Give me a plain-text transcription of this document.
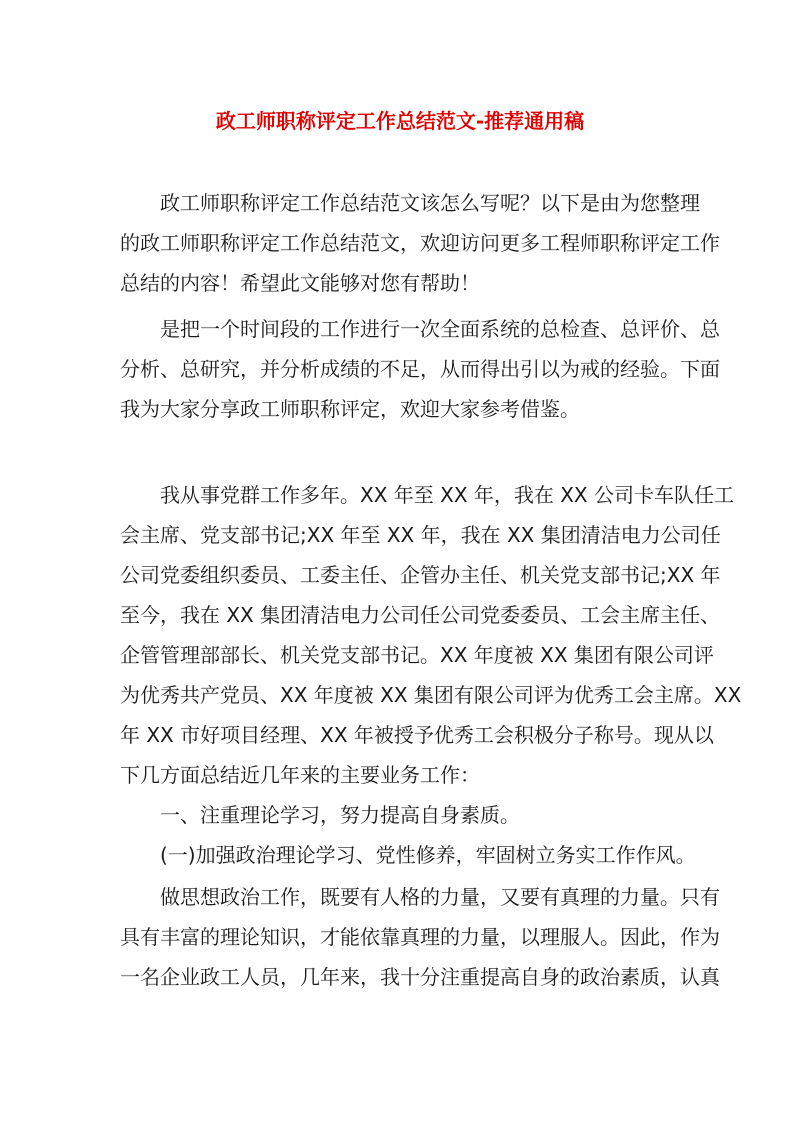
政工师职称评定工作总结范文-推荐通用稿
政工师职称评定工作总结范文该怎么写呢？以下是由为您整理
的政工师职称评定工作总结范文，欢迎访问更多工程师职称评定工作
总结的内容！希望此文能够对您有帮助！
是把一个时间段的工作进行一次全面系统的总检查、总评价、总
分析、总研究，并分析成绩的不足，从而得出引以为戒的经验。下面
我为大家分享政工师职称评定，欢迎大家参考借鉴。
我从事党群工作多年。XX 年至 XX 年，我在 XX 公司卡车队任工
会主席、党支部书记;XX 年至 XX 年，我在 XX 集团清洁电力公司任
公司党委组织委员、工委主任、企管办主任、机关党支部书记;XX 年
至今，我在 XX 集团清洁电力公司任公司党委委员、工会主席主任、
企管管理部部长、机关党支部书记。XX 年度被 XX 集团有限公司评
为优秀共产党员、XX 年度被 XX 集团有限公司评为优秀工会主席。XX
年 XX 市好项目经理、XX 年被授予优秀工会积极分子称号。现从以
下几方面总结近几年来的主要业务工作：
一、注重理论学习，努力提高自身素质。
(一)加强政治理论学习、党性修养，牢固树立务实工作作风。
做思想政治工作，既要有人格的力量，又要有真理的力量。只有
具有丰富的理论知识，才能依靠真理的力量，以理服人。因此，作为
一名企业政工人员，几年来，我十分注重提高自身的政治素质，认真
